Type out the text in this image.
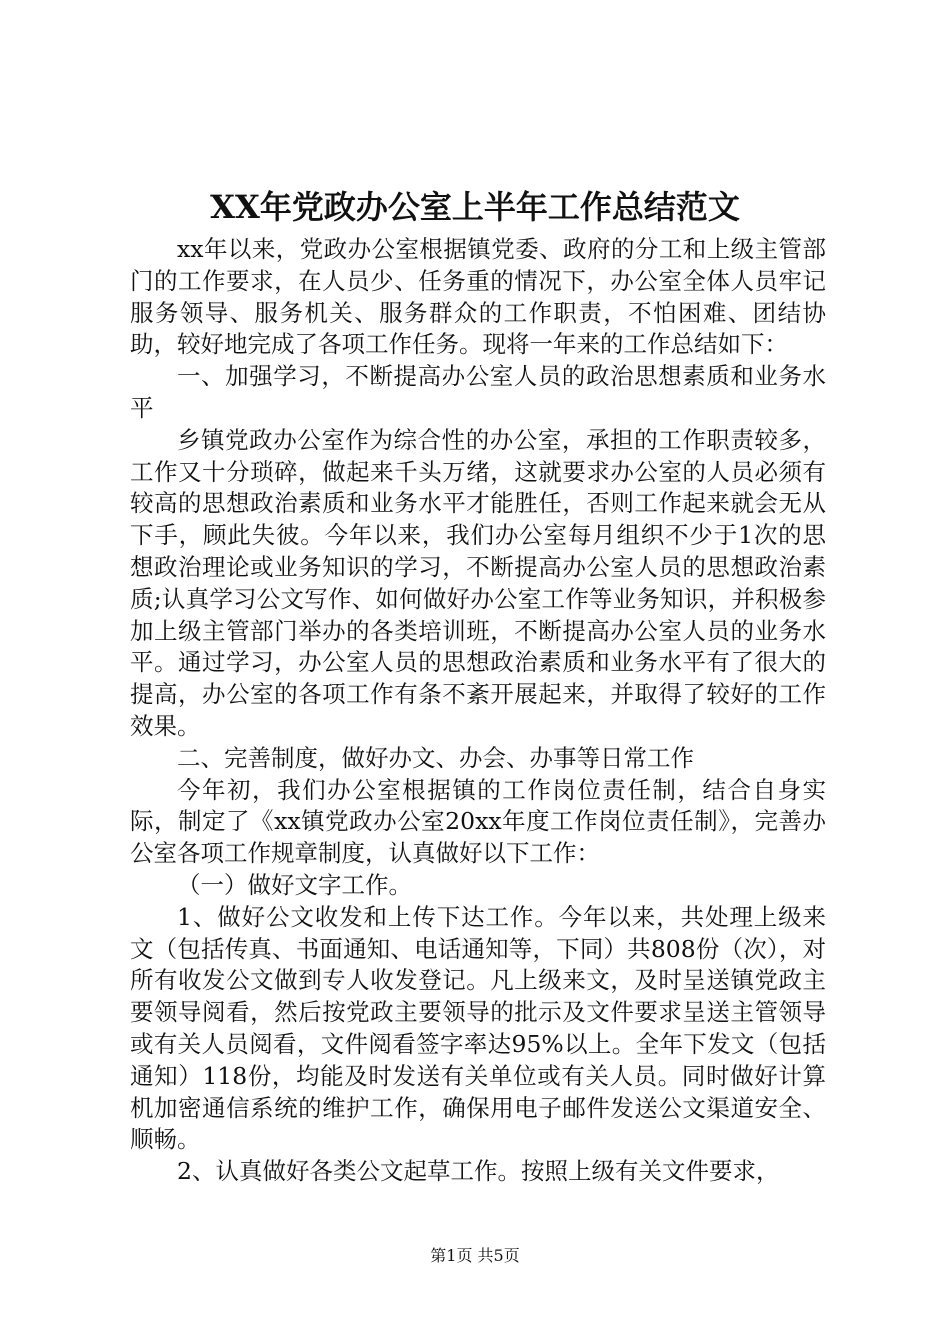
XX年党政办公室上半年工作总结范文

xx年以来，党政办公室根据镇党委、政府的分工和上级主管部门的工作要求，在人员少、任务重的情况下，办公室全体人员牢记服务领导、服务机关、服务群众的工作职责，不怕困难、团结协助，较好地完成了各项工作任务。现将一年来的工作总结如下：

一、加强学习，不断提高办公室人员的政治思想素质和业务水平

乡镇党政办公室作为综合性的办公室，承担的工作职责较多，工作又十分琐碎，做起来千头万绪，这就要求办公室的人员必须有较高的思想政治素质和业务水平才能胜任，否则工作起来就会无从下手，顾此失彼。今年以来，我们办公室每月组织不少于1次的思想政治理论或业务知识的学习，不断提高办公室人员的思想政治素质;认真学习公文写作、如何做好办公室工作等业务知识，并积极参加上级主管部门举办的各类培训班，不断提高办公室人员的业务水平。通过学习，办公室人员的思想政治素质和业务水平有了很大的提高，办公室的各项工作有条不紊开展起来，并取得了较好的工作效果。

二、完善制度，做好办文、办会、办事等日常工作

今年初，我们办公室根据镇的工作岗位责任制，结合自身实际，制定了《xx镇党政办公室20xx年度工作岗位责任制》，完善办公室各项工作规章制度，认真做好以下工作：

（一）做好文字工作。

1、做好公文收发和上传下达工作。今年以来，共处理上级来文（包括传真、书面通知、电话通知等，下同）共808份（次），对所有收发公文做到专人收发登记。凡上级来文，及时呈送镇党政主要领导阅看，然后按党政主要领导的批示及文件要求呈送主管领导或有关人员阅看，文件阅看签字率达95%以上。全年下发文（包括通知）118份，均能及时发送有关单位或有关人员。同时做好计算机加密通信系统的维护工作，确保用电子邮件发送公文渠道安全、顺畅。

2、认真做好各类公文起草工作。按照上级有关文件要求，

第1页 共5页
